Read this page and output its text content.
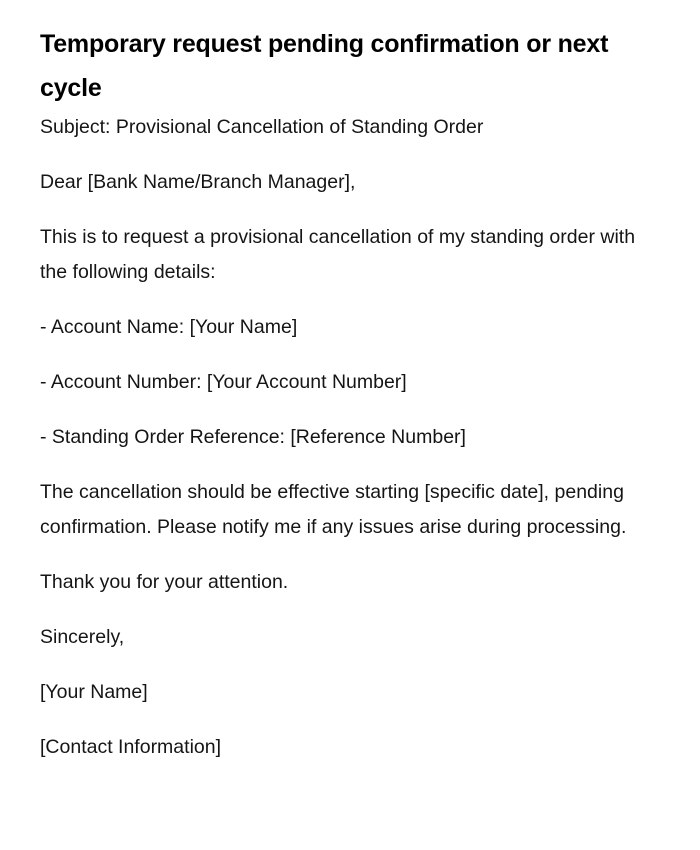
Temporary request pending confirmation or next cycle

Subject: Provisional Cancellation of Standing Order

Dear [Bank Name/Branch Manager],

This is to request a provisional cancellation of my standing order with the following details:

- Account Name: [Your Name]

- Account Number: [Your Account Number]

- Standing Order Reference: [Reference Number]

The cancellation should be effective starting [specific date], pending confirmation. Please notify me if any issues arise during processing.

Thank you for your attention.

Sincerely,

[Your Name]

[Contact Information]
